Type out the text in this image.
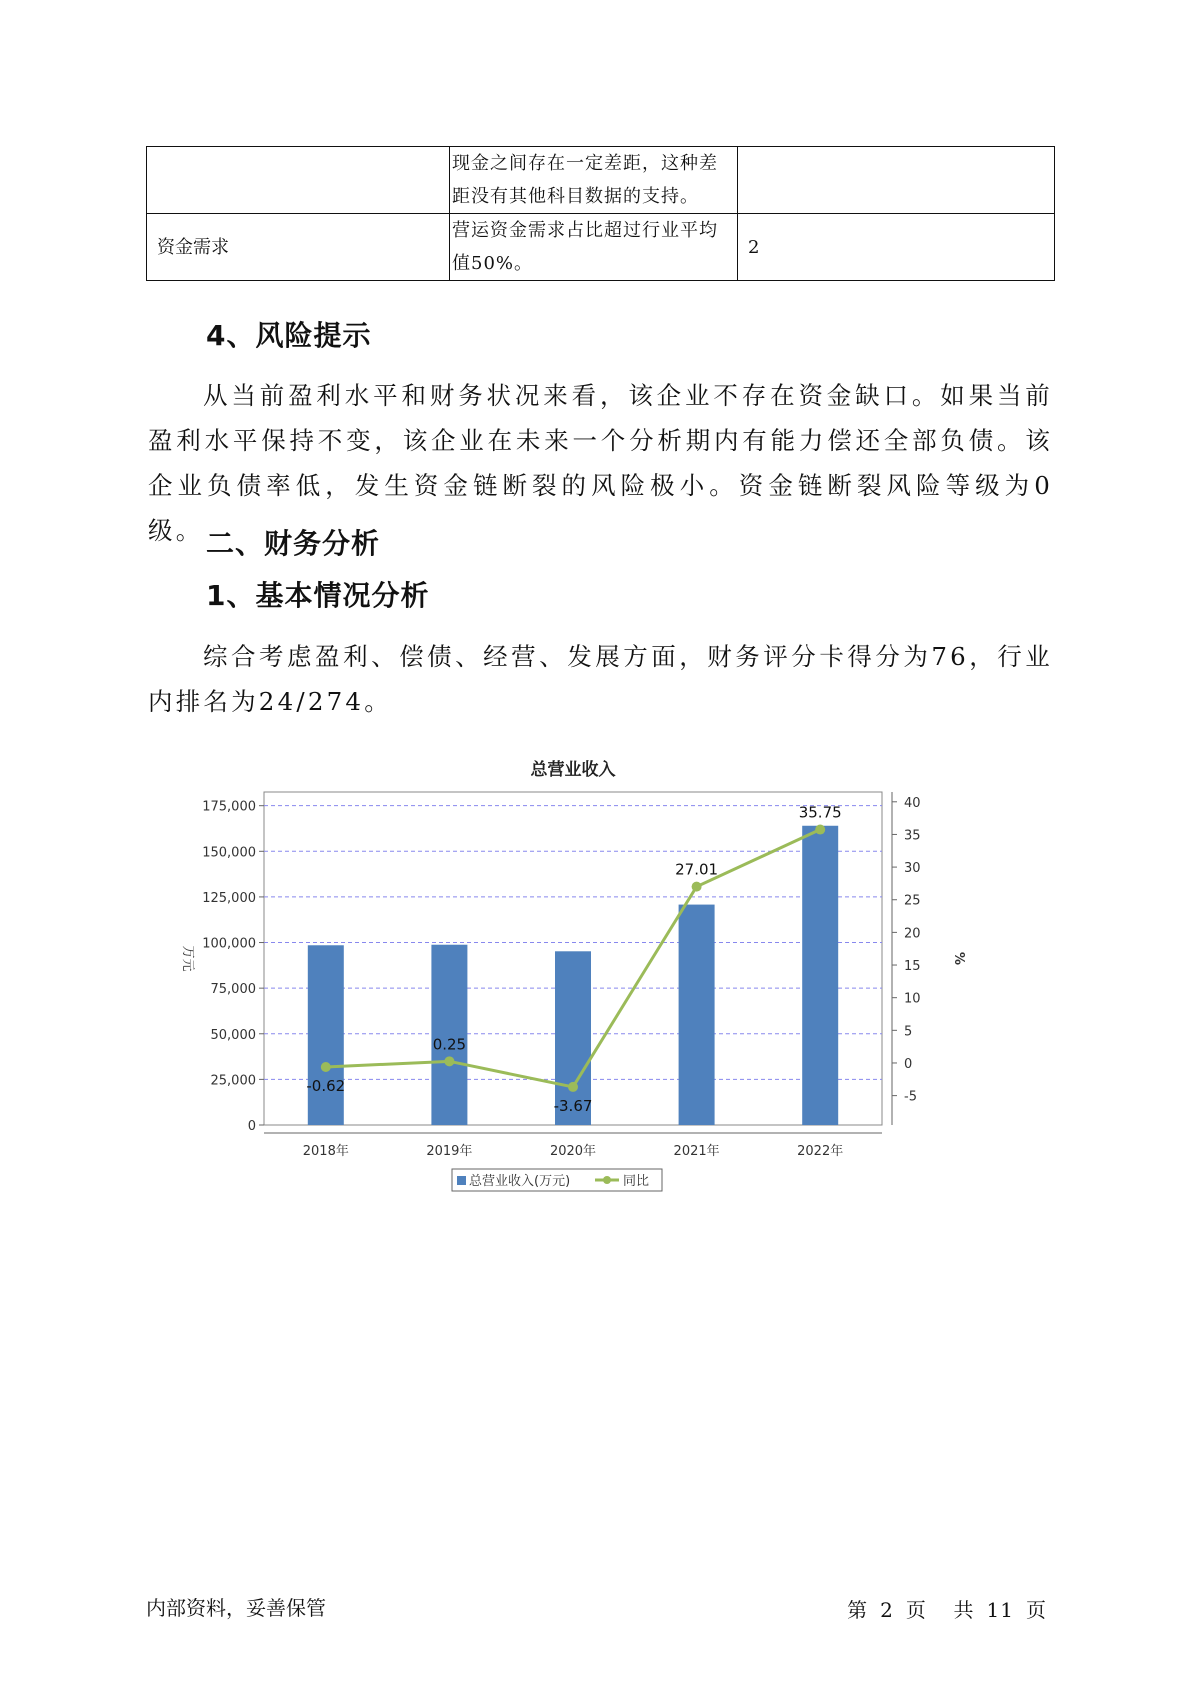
	现金之间存在一定差距，这种差距没有其他科目数据的支持。	
资金需求	营运资金需求占比超过行业平均值50%。	2
4、风险提示
从当前盈利水平和财务状况来看，该企业不存在资金缺口。如果当前盈利水平保持不变，该企业在未来一个分析期内有能力偿还全部负债。该企业负债率低，发生资金链断裂的风险极小。资金链断裂风险等级为0级。 二、财务分析
1、基本情况分析
综合考虑盈利、偿债、经营、发展方面，财务评分卡得分为76，行业内排名为24/274。
总营业收入
0
25,000
50,000
75,000
100,000
125,000
150,000
175,000
万元
-5
0
5
10
15
20
25
30
35
40
%
2018年	2019年	2020年	2021年	2022年
-0.62
0.25
-3.67
27.01
35.75
总营业收入(万元)	同比
内部资料，妥善保管	第 2 页 共 11 页
